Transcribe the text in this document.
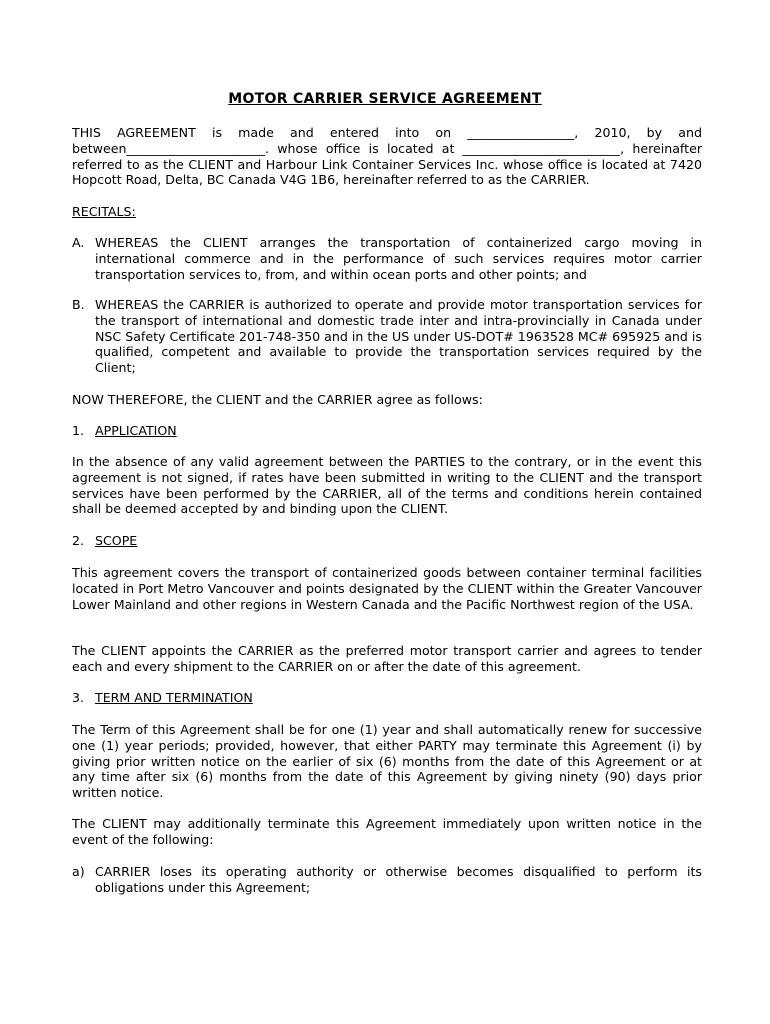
MOTOR CARRIER SERVICE AGREEMENT

THIS AGREEMENT is made and entered into on _________________, 2010, by and between______________________. whose office is located at _________________________, hereinafter referred to as the CLIENT and Harbour Link Container Services Inc. whose office is located at 7420 Hopcott Road, Delta, BC Canada V4G 1B6, hereinafter referred to as the CARRIER.

RECITALS:

A. WHEREAS the CLIENT arranges the transportation of containerized cargo moving in international commerce and in the performance of such services requires motor carrier transportation services to, from, and within ocean ports and other points; and
B. WHEREAS the CARRIER is authorized to operate and provide motor transportation services for the transport of international and domestic trade inter and intra-provincially in Canada under NSC Safety Certificate 201-748-350 and in the US under US-DOT# 1963528 MC# 695925 and is qualified, competent and available to provide the transportation services required by the Client;

NOW THEREFORE, the CLIENT and the CARRIER agree as follows:

1. APPLICATION

In the absence of any valid agreement between the PARTIES to the contrary, or in the event this agreement is not signed, if rates have been submitted in writing to the CLIENT and the transport services have been performed by the CARRIER, all of the terms and conditions herein contained shall be deemed accepted by and binding upon the CLIENT.

2. SCOPE

This agreement covers the transport of containerized goods between container terminal facilities located in Port Metro Vancouver and points designated by the CLIENT within the Greater Vancouver Lower Mainland and other regions in Western Canada and the Pacific Northwest region of the USA.

The CLIENT appoints the CARRIER as the preferred motor transport carrier and agrees to tender each and every shipment to the CARRIER on or after the date of this agreement.

3. TERM AND TERMINATION

The Term of this Agreement shall be for one (1) year and shall automatically renew for successive one (1) year periods; provided, however, that either PARTY may terminate this Agreement (i) by giving prior written notice on the earlier of six (6) months from the date of this Agreement or at any time after six (6) months from the date of this Agreement by giving ninety (90) days prior written notice.

The CLIENT may additionally terminate this Agreement immediately upon written notice in the event of the following:

a) CARRIER loses its operating authority or otherwise becomes disqualified to perform its obligations under this Agreement;
